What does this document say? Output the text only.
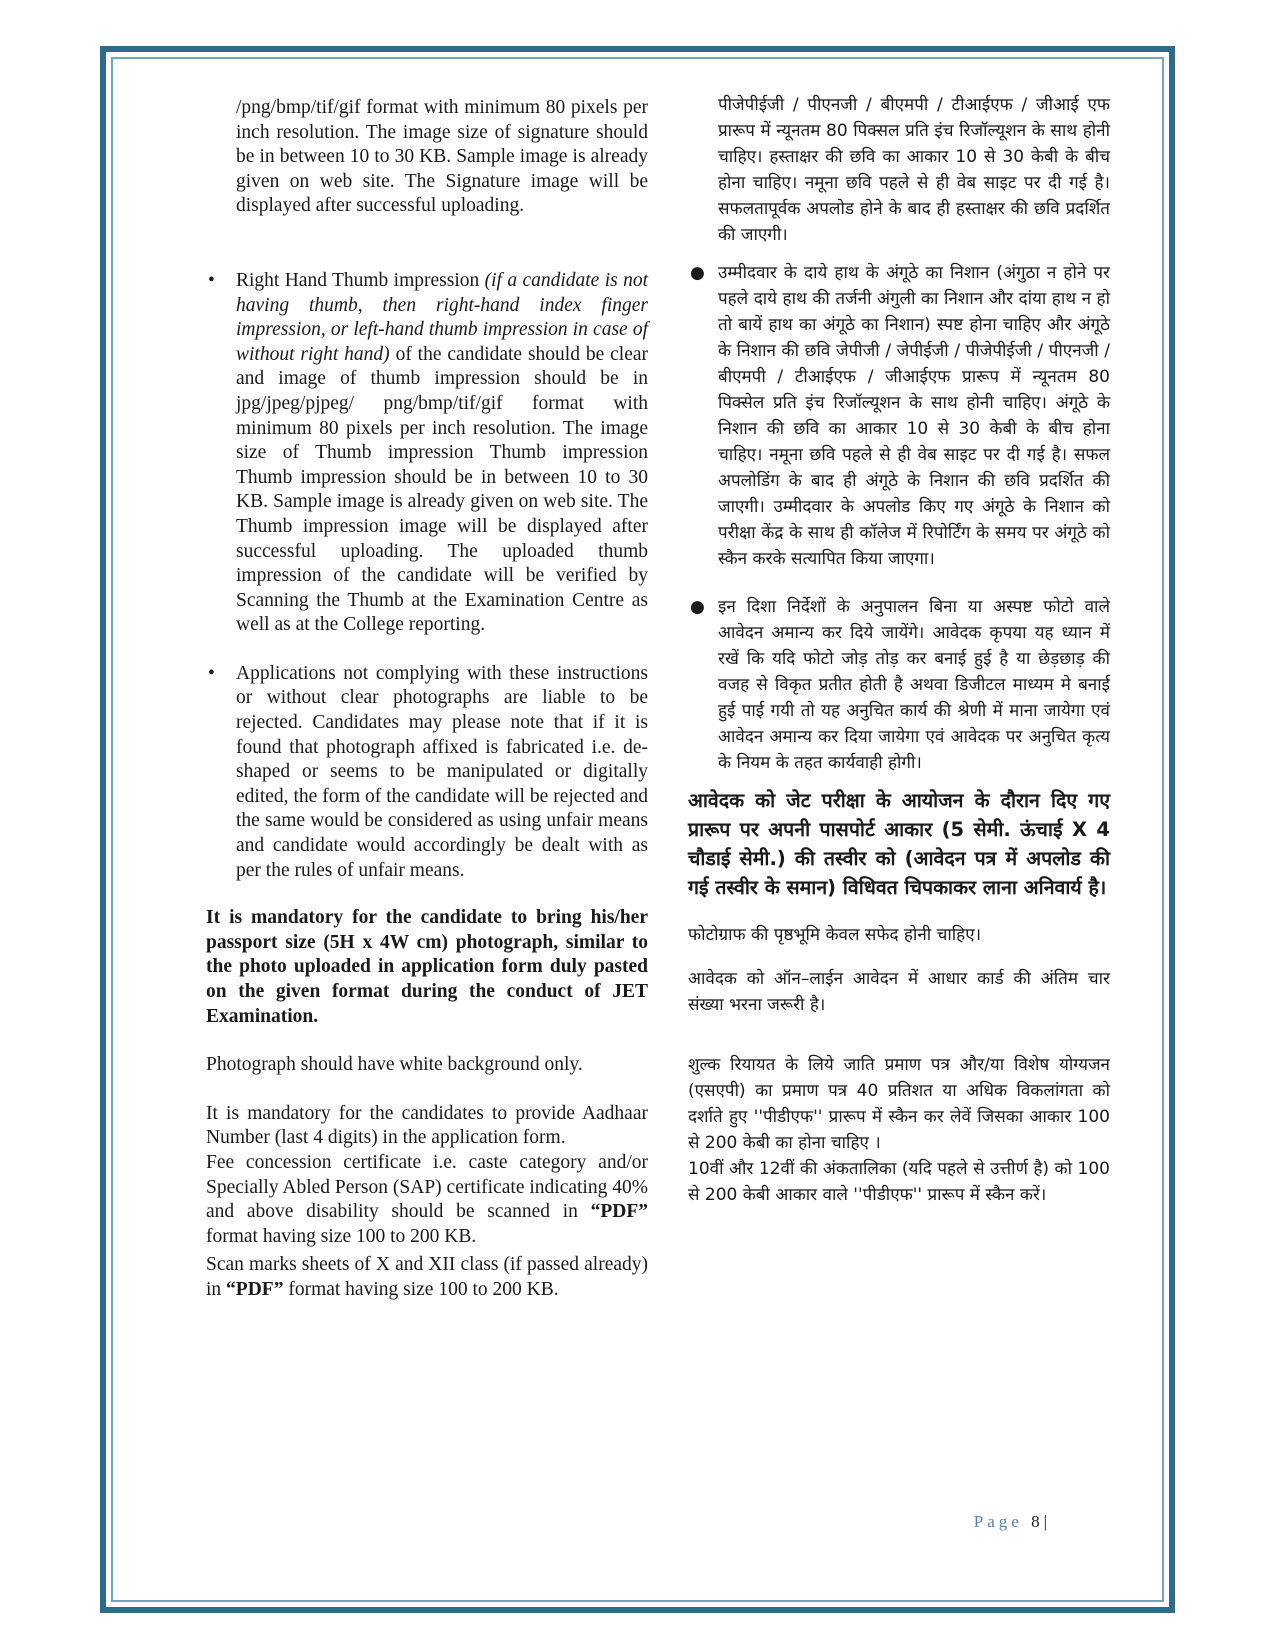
/png/bmp/tif/gif format with minimum 80 pixels per inch resolution. The image size of signature should be in between 10 to 30 KB. Sample image is already given on web site. The Signature image will be displayed after successful uploading.

• Right Hand Thumb impression (if a candidate is not having thumb, then right-hand index finger impression, or left-hand thumb impression in case of without right hand) of the candidate should be clear and image of thumb impression should be in jpg/jpeg/pjpeg/ png/bmp/tif/gif format with minimum 80 pixels per inch resolution. The image size of Thumb impression Thumb impression Thumb impression should be in between 10 to 30 KB. Sample image is already given on web site. The Thumb impression image will be displayed after successful uploading. The uploaded thumb impression of the candidate will be verified by Scanning the Thumb at the Examination Centre as well as at the College reporting.
• Applications not complying with these instructions or without clear photographs are liable to be rejected. Candidates may please note that if it is found that photograph affixed is fabricated i.e. de-shaped or seems to be manipulated or digitally edited, the form of the candidate will be rejected and the same would be considered as using unfair means and candidate would accordingly be dealt with as per the rules of unfair means.

It is mandatory for the candidate to bring his/her passport size (5H x 4W cm) photograph, similar to the photo uploaded in application form duly pasted on the given format during the conduct of JET Examination.

Photograph should have white background only.

It is mandatory for the candidates to provide Aadhaar Number (last 4 digits) in the application form.

Fee concession certificate i.e. caste category and/or Specially Abled Person (SAP) certificate indicating 40% and above disability should be scanned in “PDF” format having size 100 to 200 KB.

Scan marks sheets of X and XII class (if passed already) in “PDF” format having size 100 to 200 KB.

पीजेपीईजी / पीएनजी / बीएमपी / टीआईएफ / जीआई एफ प्रारूप में न्यूनतम 80 पिक्सल प्रति इंच रिजॉल्यूशन के साथ होनी चाहिए। हस्ताक्षर की छवि का आकार 10 से 30 केबी के बीच होना चाहिए। नमूना छवि पहले से ही वेब साइट पर दी गई है। सफलतापूर्वक अपलोड होने के बाद ही हस्ताक्षर की छवि प्रदर्शित की जाएगी।

● उम्मीदवार के दाये हाथ के अंगूठे का निशान (अंगुठा न होने पर पहले दाये हाथ की तर्जनी अंगुली का निशान और दांया हाथ न हो तो बायें हाथ का अंगूठे का निशान) स्पष्ट होना चाहिए और अंगूठे के निशान की छवि जेपीजी / जेपीईजी / पीजेपीईजी / पीएनजी / बीएमपी / टीआईएफ / जीआईएफ प्रारूप में न्यूनतम 80 पिक्सेल प्रति इंच रिजॉल्यूशन के साथ होनी चाहिए। अंगूठे के निशान की छवि का आकार 10 से 30 केबी के बीच होना चाहिए। नमूना छवि पहले से ही वेब साइट पर दी गई है। सफल अपलोडिंग के बाद ही अंगूठे के निशान की छवि प्रदर्शित की जाएगी। उम्मीदवार के अपलोड किए गए अंगूठे के निशान को परीक्षा केंद्र के साथ ही कॉलेज में रिपोर्टिंग के समय पर अंगूठे को स्कैन करके सत्यापित किया जाएगा।
● इन दिशा निर्देशों के अनुपालन बिना या अस्पष्ट फोटो वाले आवेदन अमान्य कर दिये जायेंगे। आवेदक कृपया यह ध्यान में रखें कि यदि फोटो जोड़ तोड़ कर बनाई हुई है या छेड़छाड़ की वजह से विकृत प्रतीत होती है अथवा डिजीटल माध्यम मे बनाई हुई पाई गयी तो यह अनुचित कार्य की श्रेणी में माना जायेगा एवं आवेदन अमान्य कर दिया जायेगा एवं आवेदक पर अनुचित कृत्य के नियम के तहत कार्यवाही होगी।

आवेदक को जेट परीक्षा के आयोजन के दौरान दिए गए प्रारूप पर अपनी पासपोर्ट आकार (5 सेमी. ऊंचाई X 4 चौडाई सेमी.) की तस्वीर को (आवेदन पत्र में अपलोड की गई तस्वीर के समान) विधिवत चिपकाकर लाना अनिवार्य है।

फोटोग्राफ की पृष्ठभूमि केवल सफेद होनी चाहिए।

आवेदक को ऑन–लाईन आवेदन में आधार कार्ड की अंतिम चार संख्या भरना जरूरी है।

शुल्क रियायत के लिये जाति प्रमाण पत्र और/या विशेष योग्यजन (एसएपी) का प्रमाण पत्र 40 प्रतिशत या अधिक विकलांगता को दर्शाते हुए ''पीडीएफ'' प्रारूप में स्कैन कर लेवें जिसका आकार 100 से 200 केबी का होना चाहिए ।

10वीं और 12वीं की अंकतालिका (यदि पहले से उत्तीर्ण है) को 100 से 200 केबी आकार वाले ''पीडीएफ'' प्रारूप में स्कैन करें।

Page 8|
